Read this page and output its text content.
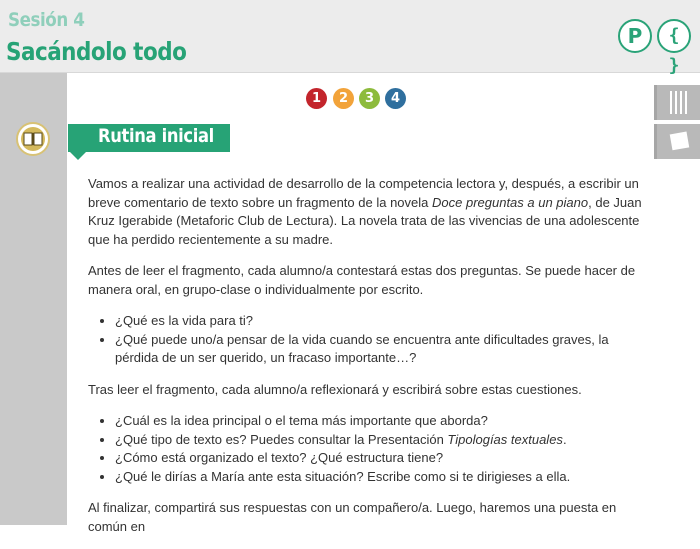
Sesión 4
Sacándolo todo
P	{ }
1	2	3	4
Rutina inicial

Vamos a realizar una actividad de desarrollo de la competencia lectora y, después, a escribir un breve comentario de texto sobre un fragmento de la novela Doce preguntas a un piano, de Juan Kruz Igerabide (Metaforic Club de Lectura). La novela trata de las vivencias de una adolescente que ha perdido recientemente a su madre.

Antes de leer el fragmento, cada alumno/a contestará estas dos preguntas. Se puede hacer de manera oral, en grupo-clase o individualmente por escrito.

• ¿Qué es la vida para ti?
• ¿Qué puede uno/a pensar de la vida cuando se encuentra ante dificultades graves, la pérdida de un ser querido, un fracaso importante…?

Tras leer el fragmento, cada alumno/a reflexionará y escribirá sobre estas cuestiones.

• ¿Cuál es la idea principal o el tema más importante que aborda?
• ¿Qué tipo de texto es? Puedes consultar la Presentación Tipologías textuales.
• ¿Cómo está organizado el texto? ¿Qué estructura tiene?
• ¿Qué le dirías a María ante esta situación? Escribe como si te dirigieses a ella.

Al finalizar, compartirá sus respuestas con un compañero/a. Luego, haremos una puesta en común en
